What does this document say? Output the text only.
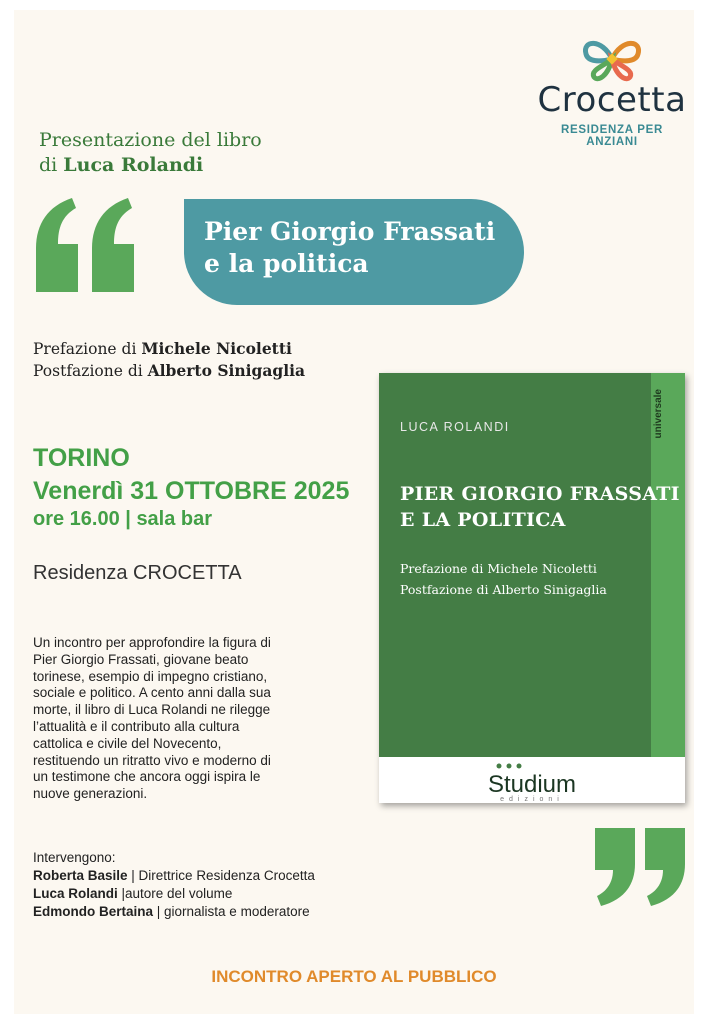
Crocetta
RESIDENZA PER ANZIANI
Presentazione del libro
di Luca Rolandi
Pier Giorgio Frassati
e la politica
Prefazione di Michele Nicoletti
Postfazione di Alberto Sinigaglia
TORINO
Venerdì 31 OTTOBRE 2025
ore 16.00 | sala bar
Residenza CROCETTA
Un incontro per approfondire la figura di
Pier Giorgio Frassati, giovane beato
torinese, esempio di impegno cristiano,
sociale e politico. A cento anni dalla sua
morte, il libro di Luca Rolandi ne rilegge
l’attualità e il contributo alla cultura
cattolica e civile del Novecento,
restituendo un ritratto vivo e moderno di
un testimone che ancora oggi ispira le
nuove generazioni.
Intervengono:
Roberta Basile | Direttrice Residenza Crocetta
Luca Rolandi |autore del volume
Edmondo Bertaina | giornalista e moderatore
universale
LUCA ROLANDI
PIER GIORGIO FRASSATI
E LA POLITICA
Prefazione di Michele Nicoletti
Postfazione di Alberto Sinigaglia
Studium
edizioni
INCONTRO APERTO AL PUBBLICO
